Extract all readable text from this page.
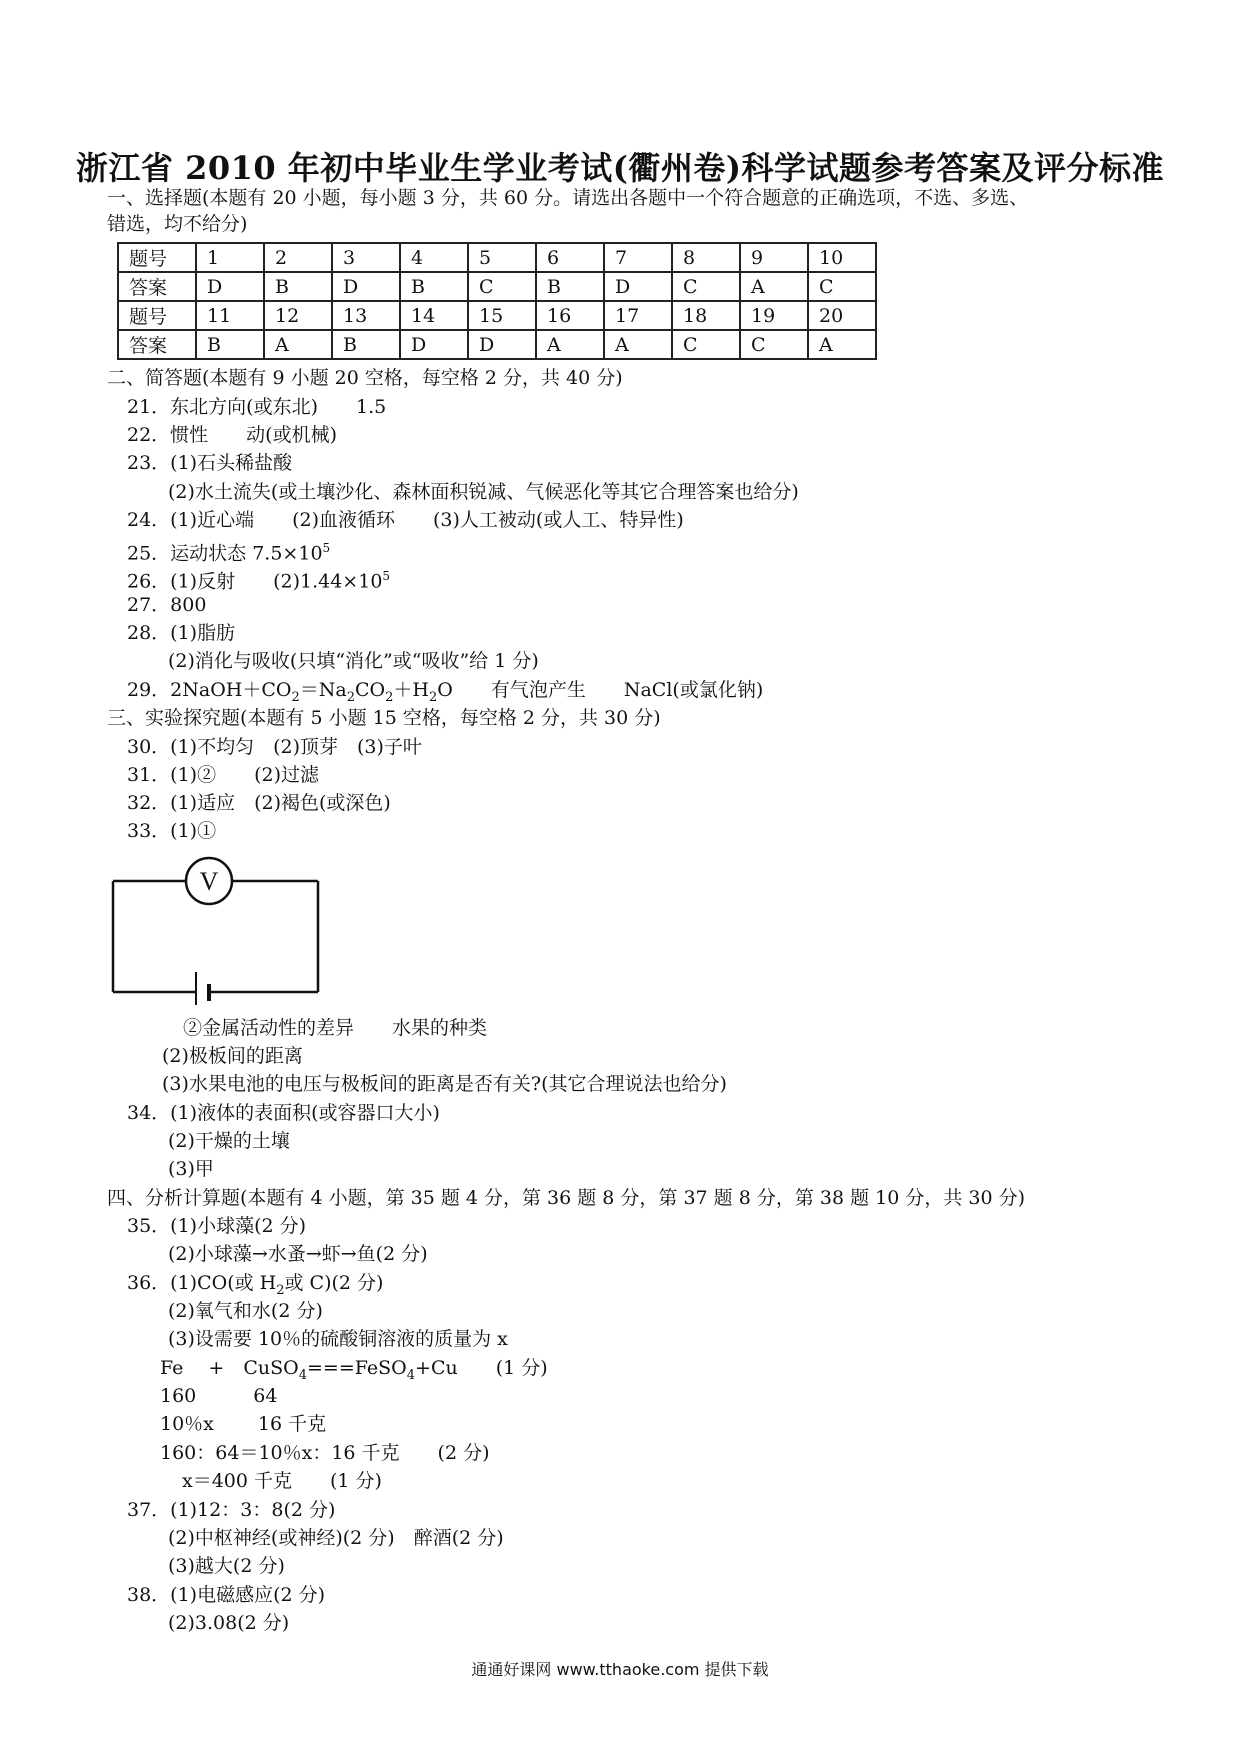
浙江省 2010 年初中毕业生学业考试(衢州卷)科学试题参考答案及评分标准
一、选择题(本题有 20 小题，每小题 3 分，共 60 分。请选出各题中一个符合题意的正确选项，不选、多选、
错选，均不给分)
题号	1	2	3	4	5	6	7	8	9	10
答案	D	B	D	B	C	B	D	C	A	C
题号	11	12	13	14	15	16	17	18	19	20
答案	B	A	B	D	D	A	A	C	C	A
二、简答题(本题有 9 小题 20 空格，每空格 2 分，共 40 分)
21．东北方向(或东北)　　1.5
22．惯性　　动(或机械)
23．(1)石头稀盐酸
(2)水土流失(或土壤沙化、森林面积锐减、气候恶化等其它合理答案也给分)
24．(1)近心端　　(2)血液循环　　(3)人工被动(或人工、特异性)
25．运动状态 $7.5\times 10^5$
26．(1)反射　　$(2)1.44\times 10^5$
27．800
28．(1)脂肪
(2)消化与吸收(只填“消化”或“吸收”给 1 分)
29．$2NaOH+CO_2=Na_2CO_2+H_2O$　　有气泡产生　　NaCl(或氯化钠)
三、实验探究题(本题有 5 小题 15 空格，每空格 2 分，共 30 分)
30．(1)不均匀　(2)顶芽　(3)子叶
31．(1)②　　(2)过滤
32．(1)适应　(2)褐色(或深色)
33．(1)①
V
②金属活动性的差异　　水果的种类
(2)极板间的距离
(3)水果电池的电压与极板间的距离是否有关?(其它合理说法也给分)
34．(1)液体的表面积(或容器口大小)
(2)干燥的土壤
(3)甲
四、分析计算题(本题有 4 小题，第 35 题 4 分，第 36 题 8 分，第 37 题 8 分，第 38 题 10 分，共 30 分)
35．(1)小球藻(2 分)
(2)小球藻→水蚤→虾→鱼(2 分)
36．(1)CO(或 $H_2$或 C)(2 分)
(2)氧气和水(2 分)
(3)设需要 10％的硫酸铜溶液的质量为 x
Fe　 +　CuSO$_4$===FeSO$_4$+Cu　　(1 分)
160　　　64
10％x　　 16 千克
160：64＝10％x：16 千克　　(2 分)
x＝400 千克　　(1 分)
37．(1)12：3：8(2 分)
(2)中枢神经(或神经)(2 分)　醉酒(2 分)
(3)越大(2 分)
38．(1)电磁感应(2 分)
(2)3.08(2 分)
通通好课网 www.tthaoke.com 提供下载
